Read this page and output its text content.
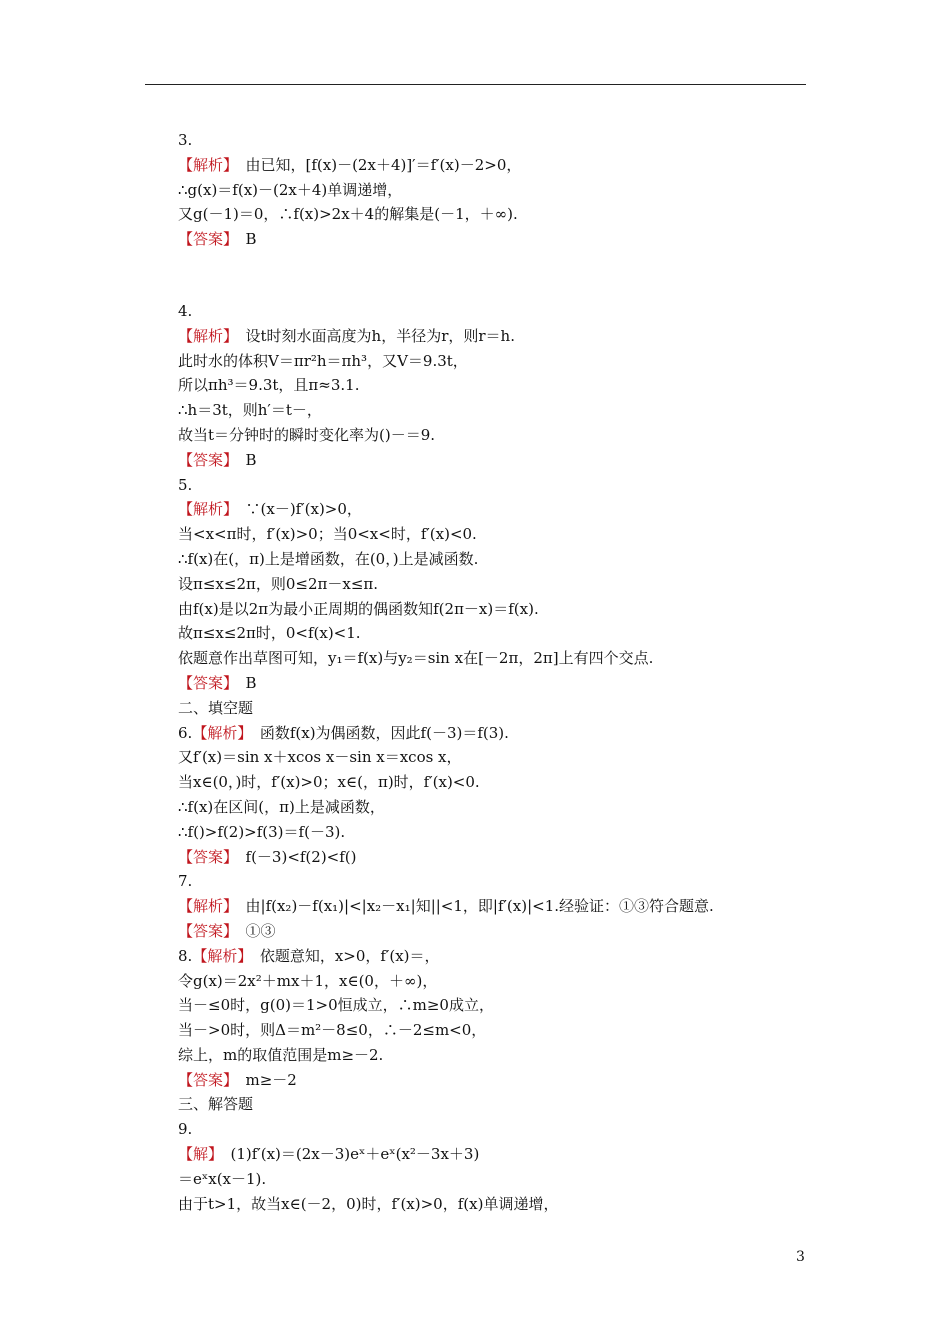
3.
【解析】　由已知，[f(x)－(2x＋4)]′＝f′(x)－2>0，
∴g(x)＝f(x)－(2x＋4)单调递增，
又g(－1)＝0，∴f(x)>2x＋4的解集是(－1，＋∞).
【答案】　B
4.
【解析】　设t时刻水面高度为h，半径为r，则r＝h.
此时水的体积V＝πr²h＝πh³，又V＝9.3t，
所以πh³＝9.3t，且π≈3.1.
∴h＝3t，则h′＝t－，
故当t＝分钟时的瞬时变化率为()－＝9.
【答案】　B
5.
【解析】　∵(x－)f′(x)>0，
当<x<π时，f′(x)>0；当0<x<时，f′(x)<0.
∴f(x)在(，π)上是增函数，在(0，)上是减函数.
设π≤x≤2π，则0≤2π－x≤π.
由f(x)是以2π为最小正周期的偶函数知f(2π－x)＝f(x).
故π≤x≤2π时，0<f(x)<1.
依题意作出草图可知，y₁＝f(x)与y₂＝sin x在[－2π，2π]上有四个交点.
【答案】　B
二、填空题
6.【解析】　函数f(x)为偶函数，因此f(－3)＝f(3).
又f′(x)＝sin x＋xcos x－sin x＝xcos x，
当x∈(0，)时，f′(x)>0；x∈(，π)时，f′(x)<0.
∴f(x)在区间(，π)上是减函数，
∴f()>f(2)>f(3)＝f(－3).
【答案】　f(－3)<f(2)<f()
7.
【解析】　由|f(x₂)－f(x₁)|<|x₂－x₁|知||<1，即|f′(x)|<1.经验证：①③符合题意.
【答案】　①③
8.【解析】　依题意知，x>0，f′(x)＝，
令g(x)＝2x²＋mx＋1，x∈(0，＋∞)，
当－≤0时，g(0)＝1>0恒成立，∴m≥0成立，
当－>0时，则Δ＝m²－8≤0，∴－2≤m<0，
综上，m的取值范围是m≥－2.
【答案】　m≥－2
三、解答题
9.
【解】　(1)f′(x)＝(2x－3)eˣ＋eˣ(x²－3x＋3)
＝eˣx(x－1).
由于t>1，故当x∈(－2，0)时，f′(x)>0，f(x)单调递增，
3
